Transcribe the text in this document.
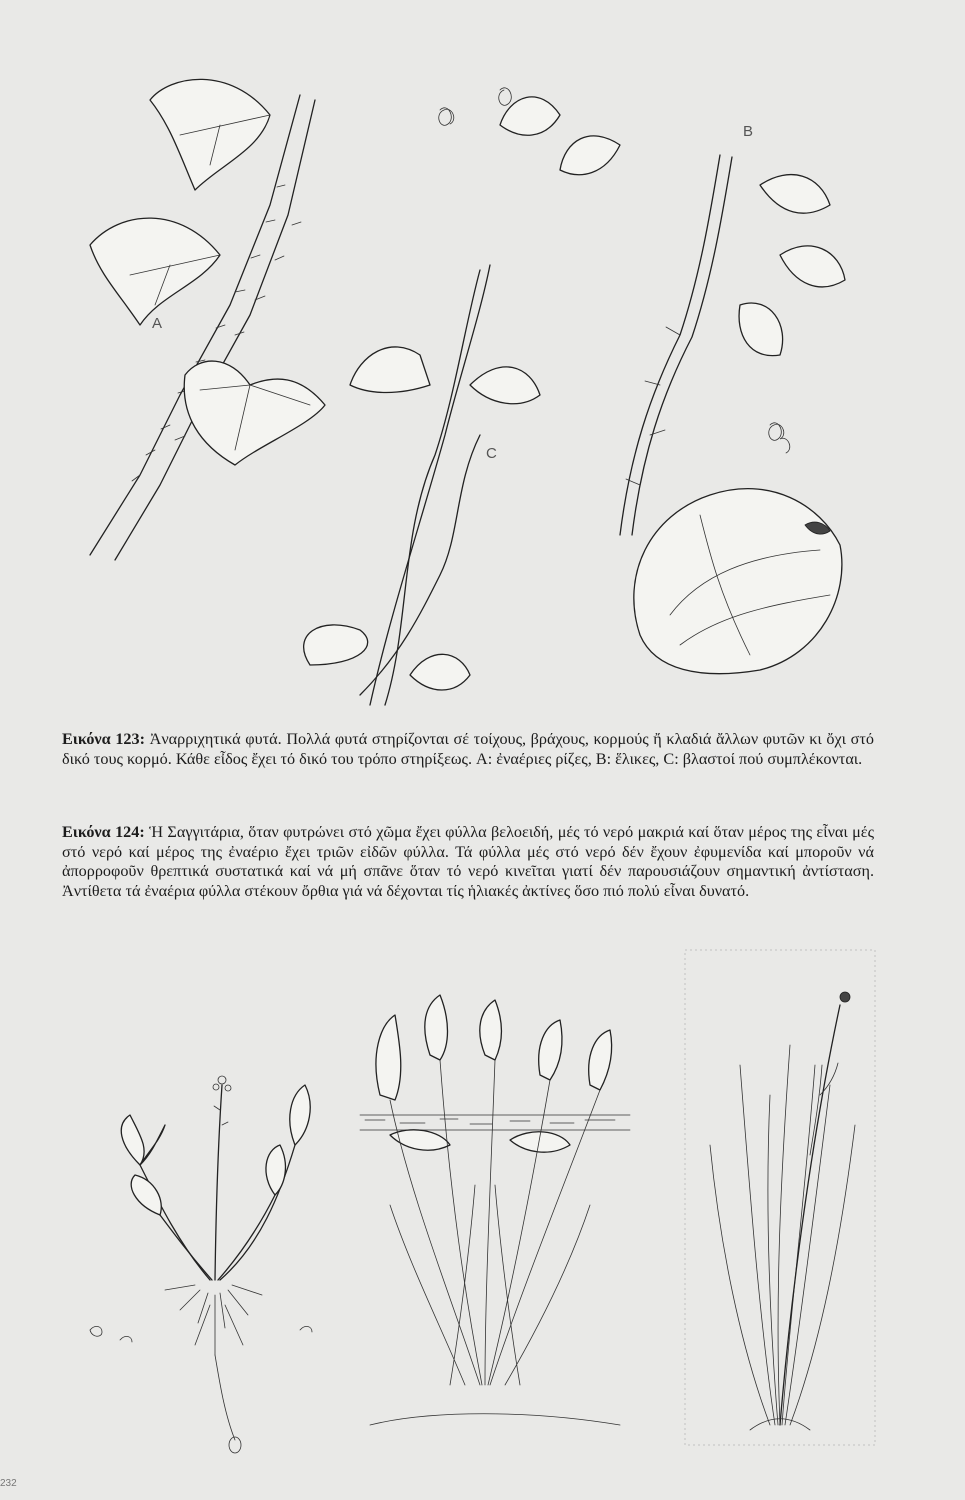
A
B
C

Εικόνα 123: Ἀναρριχητικά φυτά. Πολλά φυτά στηρίζονται σέ τοίχους, βράχους, κορμούς ἤ κλαδιά ἄλλων φυτῶν κι ὄχι στό δικό τους κορμό. Κάθε εἶδος ἔχει τό δικό του τρόπο στηρίξεως. A: ἐναέριες ρίζες, B: ἕλικες, C: βλαστοί πού συμπλέκονται.

Εικόνα 124: Ἡ Σαγγιτάρια, ὅταν φυτρώνει στό χῶμα ἔχει φύλλα βελοειδή, μές τό νερό μακριά καί ὅταν μέρος της εἶναι μές στό νερό καί μέρος της ἐναέριο ἔχει τριῶν εἰδῶν φύλλα. Τά φύλλα μές στό νερό δέν ἔχουν ἐφυμενίδα καί μποροῦν νά ἀπορροφοῦν θρεπτικά συστατικά καί νά μή σπᾶνε ὅταν τό νερό κινεῖται γιατί δέν παρουσιάζουν σημαντική ἀντίσταση. Ἀντίθετα τά ἐναέρια φύλλα στέκουν ὄρθια γιά νά δέχονται τίς ἡλιακές ἀκτίνες ὅσο πιό πολύ εἶναι δυνατό.

232
